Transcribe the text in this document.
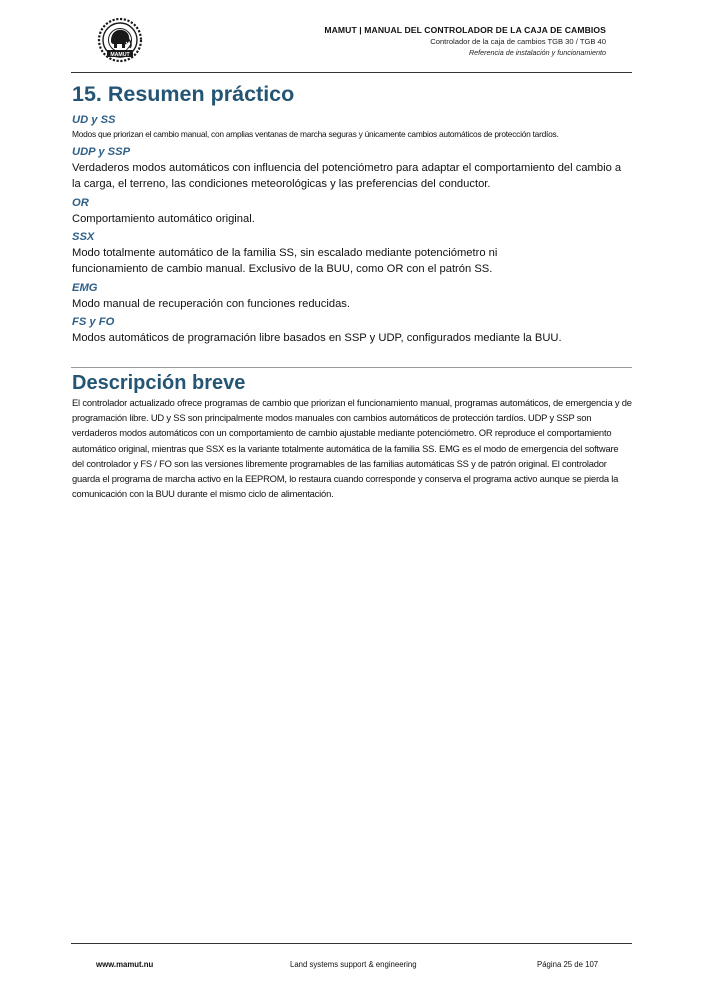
MAMUT
MAMUT | MANUAL DEL CONTROLADOR DE LA CAJA DE CAMBIOS
Controlador de la caja de cambios TGB 30 / TGB 40
Referencia de instalación y funcionamiento
15. Resumen práctico
UD y SS
Modos que priorizan el cambio manual, con amplias ventanas de marcha seguras y únicamente cambios automáticos de protección tardíos.
UDP y SSP
Verdaderos modos automáticos con influencia del potenciómetro para adaptar el comportamiento del cambio a la carga, el terreno, las condiciones meteorológicas y las preferencias del conductor.
OR
Comportamiento automático original.
SSX
Modo totalmente automático de la familia SS, sin escalado mediante potenciómetro ni funcionamiento de cambio manual. Exclusivo de la BUU, como OR con el patrón SS.
EMG
Modo manual de recuperación con funciones reducidas.
FS y FO
Modos automáticos de programación libre basados en SSP y UDP, configurados mediante la BUU.
Descripción breve

El controlador actualizado ofrece programas de cambio que priorizan el funcionamiento manual, programas automáticos, de emergencia y de programación libre. UD y SS son principalmente modos manuales con cambios automáticos de protección tardíos. UDP y SSP son verdaderos modos automáticos con un comportamiento de cambio ajustable mediante potenciómetro. OR reproduce el comportamiento automático original, mientras que SSX es la variante totalmente automática de la familia SS. EMG es el modo de emergencia del software del controlador y FS / FO son las versiones libremente programables de las familias automáticas SS y de patrón original. El controlador guarda el programa de marcha activo en la EEPROM, lo restaura cuando corresponde y conserva el programa activo aunque se pierda la comunicación con la BUU durante el mismo ciclo de alimentación.

www.mamut.nu	Land systems support & engineering	Página 25 de 107
